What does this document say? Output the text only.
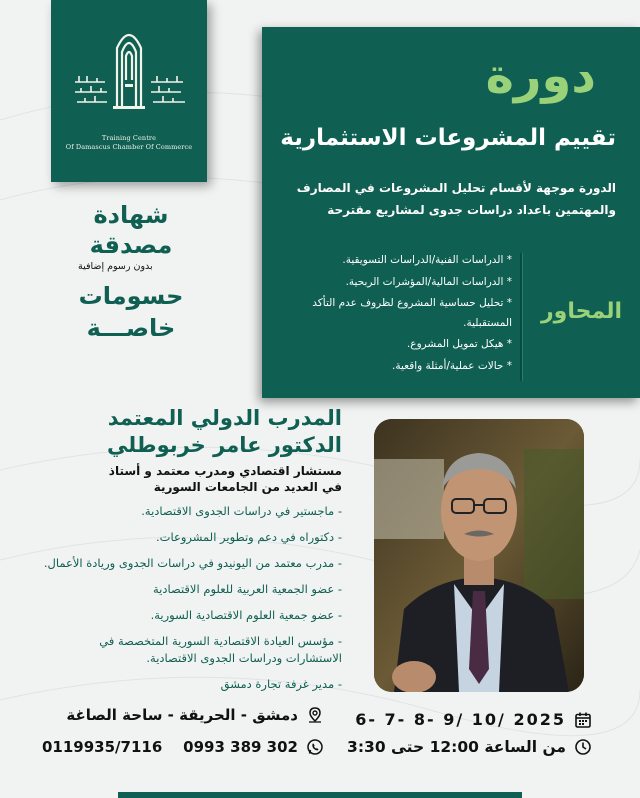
Training Centre
Of Damascus Chamber Of Commerce
دورة
تقييم المشروعات الاستثمارية
الدورة موجهة لأقسام تحليل المشروعات في المصارف
والمهتمين باعداد دراسات جدوى لمشاريع مقترحة
* الدراسات الفنية/الدراسات التسويقية.
* الدراسات المالية/المؤشرات الربحية.
* تحليل حساسية المشروع لظروف عدم التأكد المستقبلية.
* هيكل تمويل المشروع.
* حالات عملية/أمثلة واقعية.
المحاور
شهادة
مصدقة
بدون رسوم إضافية
حسومات
خاصـــة
المدرب الدولي المعتمد
الدكتور عامر خربوطلي
مستشار اقتصادي ومدرب معتمد و أستاذ
في العديد من الجامعات السورية
- ماجستير في دراسات الجدوى الاقتصادية.
- دكتوراه في دعم وتطوير المشروعات.
- مدرب معتمد من اليونيدو في دراسات الجدوى وريادة الأعمال.
- عضو الجمعية العربية للعلوم الاقتصادية
- عضو جمعية العلوم الاقتصادية السورية.
- مؤسس العيادة الاقتصادية السورية المتخصصة في الاستشارات ودراسات الجدوى الاقتصادية.
- مدير غرفة تجارة دمشق
6- 7- 8- 9/ 10/ 2025
من الساعة 12:00 حتى 3:30
دمشق - الحريقة - ساحة الصاغة
0993 389 302
0119935/7116
